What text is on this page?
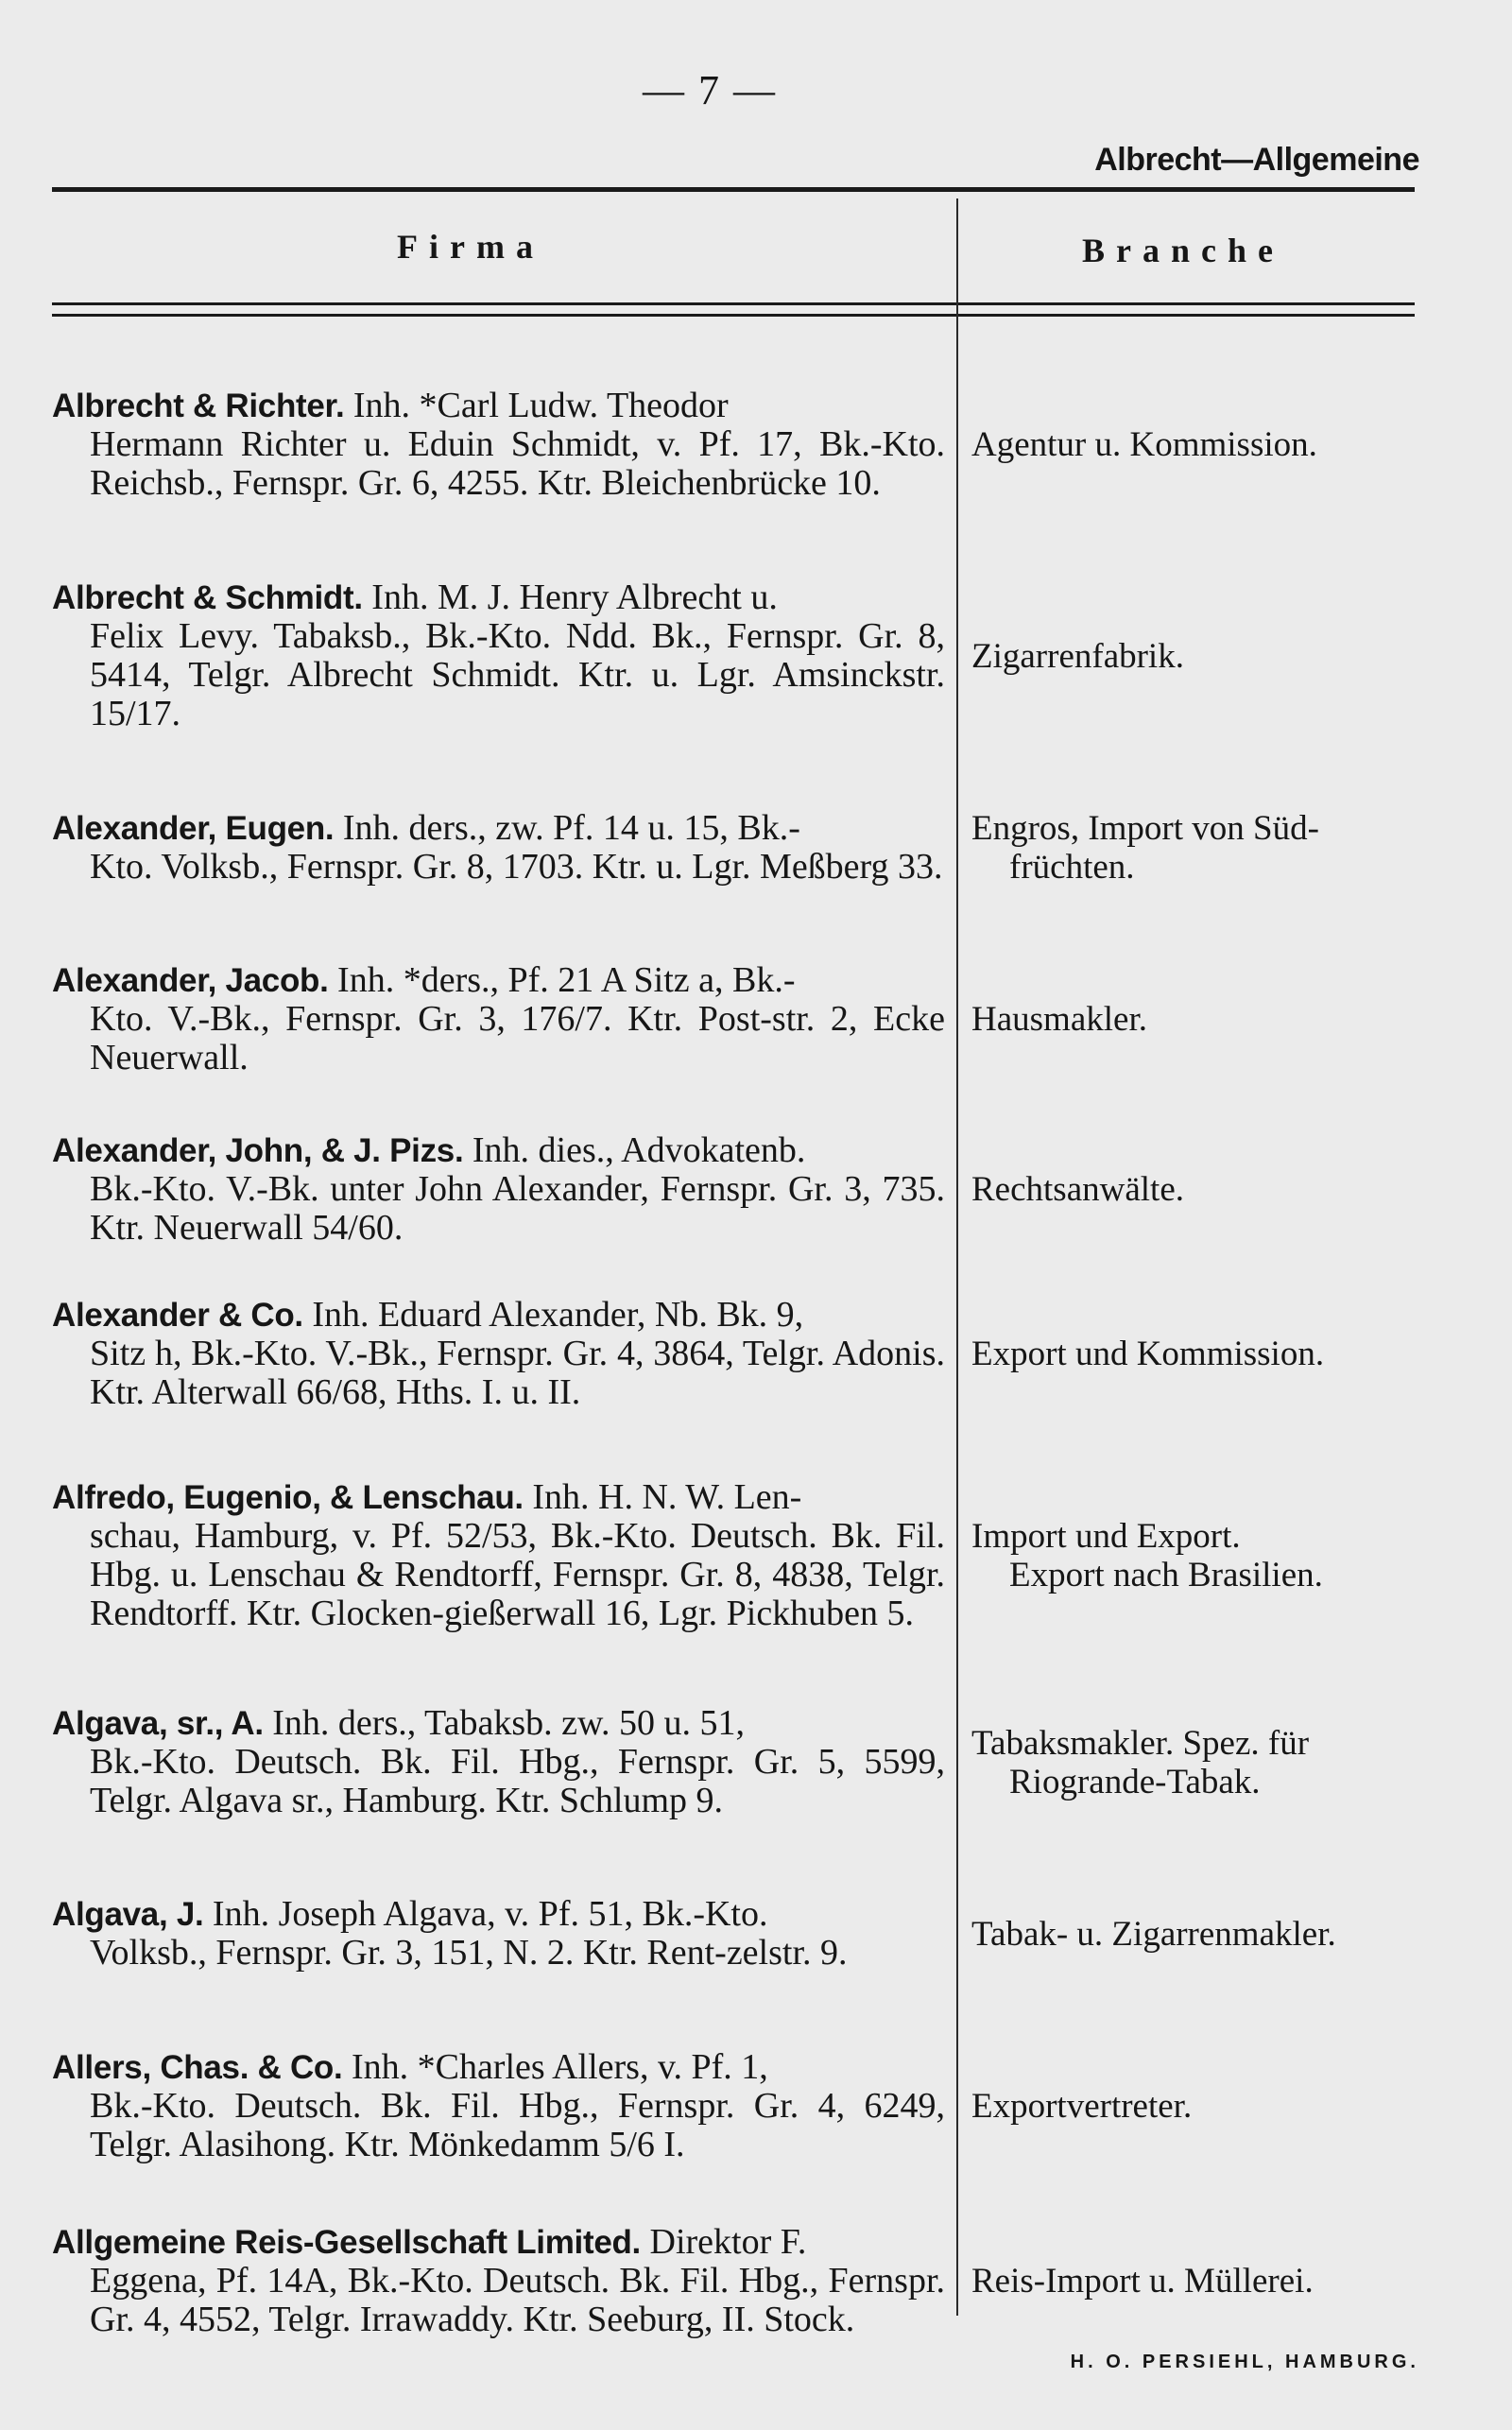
— 7 —
Albrecht—Allgemeine
Firma	Branche
Albrecht & Richter. Inh. *Carl Ludw. Theodor
Hermann Richter u. Eduin Schmidt, v. Pf. 17, Bk.-Kto. Reichsb., Fernspr. Gr. 6, 4255. Ktr. Bleichenbrücke 10.
Agentur u. Kommission.
Albrecht & Schmidt. Inh. M. J. Henry Albrecht u.
Felix Levy. Tabaksb., Bk.-Kto. Ndd. Bk., Fernspr. Gr. 8, 5414, Telgr. Albrecht Schmidt. Ktr. u. Lgr. Amsinckstr. 15/17.
Zigarrenfabrik.
Alexander, Eugen. Inh. ders., zw. Pf. 14 u. 15, Bk.-
Kto. Volksb., Fernspr. Gr. 8, 1703. Ktr. u. Lgr. Meßberg 33.
Engros, Import von Süd-
früchten.
Alexander, Jacob. Inh. *ders., Pf. 21 A Sitz a, Bk.-
Kto. V.-Bk., Fernspr. Gr. 3, 176/7. Ktr. Post-str. 2, Ecke Neuerwall.
Hausmakler.
Alexander, John, & J. Pizs. Inh. dies., Advokatenb.
Bk.-Kto. V.-Bk. unter John Alexander, Fernspr. Gr. 3, 735. Ktr. Neuerwall 54/60.
Rechtsanwälte.
Alexander & Co. Inh. Eduard Alexander, Nb. Bk. 9,
Sitz h, Bk.-Kto. V.-Bk., Fernspr. Gr. 4, 3864, Telgr. Adonis. Ktr. Alterwall 66/68, Hths. I. u. II.
Export und Kommission.
Alfredo, Eugenio, & Lenschau. Inh. H. N. W. Len-
schau, Hamburg, v. Pf. 52/53, Bk.-Kto. Deutsch. Bk. Fil. Hbg. u. Lenschau & Rendtorff, Fernspr. Gr. 8, 4838, Telgr. Rendtorff. Ktr. Glocken-gießerwall 16, Lgr. Pickhuben 5.
Import und Export.
Export nach Brasilien.
Algava, sr., A. Inh. ders., Tabaksb. zw. 50 u. 51,
Bk.-Kto. Deutsch. Bk. Fil. Hbg., Fernspr. Gr. 5, 5599, Telgr. Algava sr., Hamburg. Ktr. Schlump 9.
Tabaksmakler. Spez. für
Riogrande-Tabak.
Algava, J. Inh. Joseph Algava, v. Pf. 51, Bk.-Kto.
Volksb., Fernspr. Gr. 3, 151, N. 2. Ktr. Rent-zelstr. 9.	Tabak- u. Zigarrenmakler.
Allers, Chas. & Co. Inh. *Charles Allers, v. Pf. 1,
Bk.-Kto. Deutsch. Bk. Fil. Hbg., Fernspr. Gr. 4, 6249, Telgr. Alasihong. Ktr. Mönkedamm 5/6 I.
Exportvertreter.
Allgemeine Reis-Gesellschaft Limited. Direktor F.
Eggena, Pf. 14A, Bk.-Kto. Deutsch. Bk. Fil. Hbg., Fernspr. Gr. 4, 4552, Telgr. Irrawaddy. Ktr. Seeburg, II. Stock.
Reis-Import u. Müllerei.
H. O. PERSIEHL, HAMBURG.
